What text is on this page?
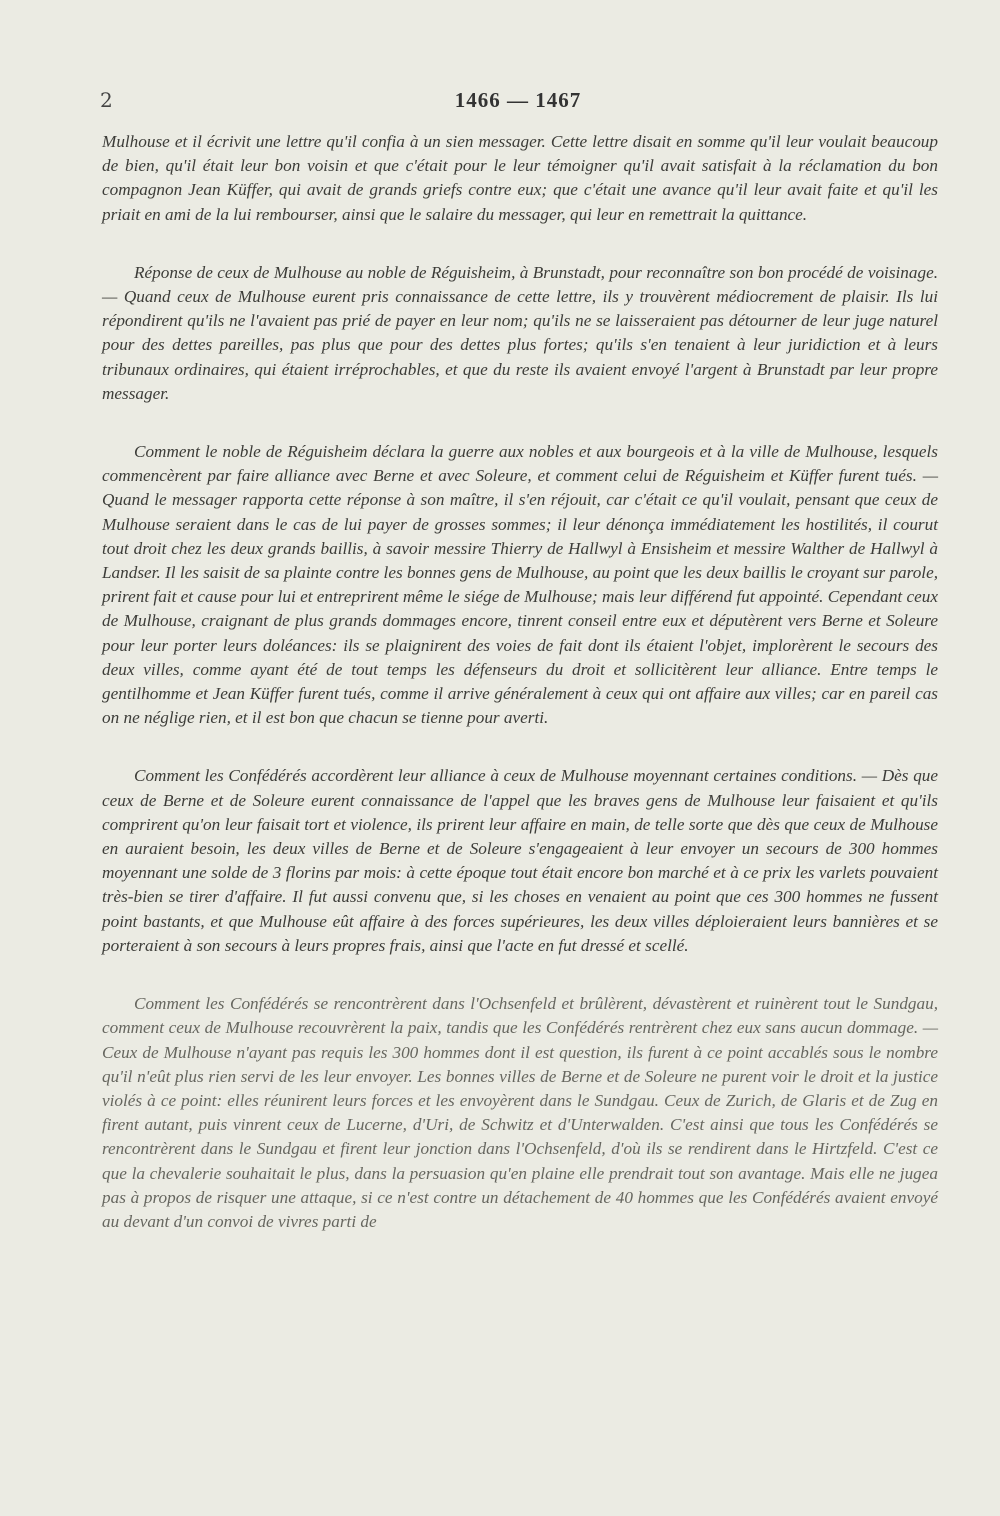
2	1466 — 1467

Mulhouse et il écrivit une lettre qu'il confia à un sien messager. Cette lettre disait en somme qu'il leur voulait beaucoup de bien, qu'il était leur bon voisin et que c'était pour le leur témoigner qu'il avait satisfait à la réclamation du bon compagnon Jean Küffer, qui avait de grands griefs contre eux; que c'était une avance qu'il leur avait faite et qu'il les priait en ami de la lui rembourser, ainsi que le salaire du messager, qui leur en remettrait la quittance.

Réponse de ceux de Mulhouse au noble de Réguisheim, à Brunstadt, pour reconnaître son bon procédé de voisinage. — Quand ceux de Mulhouse eurent pris connaissance de cette lettre, ils y trouvèrent médiocrement de plaisir. Ils lui répondirent qu'ils ne l'avaient pas prié de payer en leur nom; qu'ils ne se laisseraient pas détourner de leur juge naturel pour des dettes pareilles, pas plus que pour des dettes plus fortes; qu'ils s'en tenaient à leur juridiction et à leurs tribunaux ordinaires, qui étaient irréprochables, et que du reste ils avaient envoyé l'argent à Brunstadt par leur propre messager.

Comment le noble de Réguisheim déclara la guerre aux nobles et aux bourgeois et à la ville de Mulhouse, lesquels commencèrent par faire alliance avec Berne et avec Soleure, et comment celui de Réguisheim et Küffer furent tués. — Quand le messager rapporta cette réponse à son maître, il s'en réjouit, car c'était ce qu'il voulait, pensant que ceux de Mulhouse seraient dans le cas de lui payer de grosses sommes; il leur dénonça immédiatement les hostilités, il courut tout droit chez les deux grands baillis, à savoir messire Thierry de Hallwyl à Ensisheim et messire Walther de Hallwyl à Landser. Il les saisit de sa plainte contre les bonnes gens de Mulhouse, au point que les deux baillis le croyant sur parole, prirent fait et cause pour lui et entreprirent même le siége de Mulhouse; mais leur différend fut appointé. Cependant ceux de Mulhouse, craignant de plus grands dommages encore, tinrent conseil entre eux et députèrent vers Berne et Soleure pour leur porter leurs doléances: ils se plaignirent des voies de fait dont ils étaient l'objet, implorèrent le secours des deux villes, comme ayant été de tout temps les défenseurs du droit et sollicitèrent leur alliance. Entre temps le gentilhomme et Jean Küffer furent tués, comme il arrive généralement à ceux qui ont affaire aux villes; car en pareil cas on ne néglige rien, et il est bon que chacun se tienne pour averti.

Comment les Confédérés accordèrent leur alliance à ceux de Mulhouse moyennant certaines conditions. — Dès que ceux de Berne et de Soleure eurent connaissance de l'appel que les braves gens de Mulhouse leur faisaient et qu'ils comprirent qu'on leur faisait tort et violence, ils prirent leur affaire en main, de telle sorte que dès que ceux de Mulhouse en auraient besoin, les deux villes de Berne et de Soleure s'engageaient à leur envoyer un secours de 300 hommes moyennant une solde de 3 florins par mois: à cette époque tout était encore bon marché et à ce prix les varlets pouvaient très-bien se tirer d'affaire. Il fut aussi convenu que, si les choses en venaient au point que ces 300 hommes ne fussent point bastants, et que Mulhouse eût affaire à des forces supérieures, les deux villes déploieraient leurs bannières et se porteraient à son secours à leurs propres frais, ainsi que l'acte en fut dressé et scellé.

Comment les Confédérés se rencontrèrent dans l'Ochsenfeld et brûlèrent, dévastèrent et ruinèrent tout le Sundgau, comment ceux de Mulhouse recouvrèrent la paix, tandis que les Confédérés rentrèrent chez eux sans aucun dommage. — Ceux de Mulhouse n'ayant pas requis les 300 hommes dont il est question, ils furent à ce point accablés sous le nombre qu'il n'eût plus rien servi de les leur envoyer. Les bonnes villes de Berne et de Soleure ne purent voir le droit et la justice violés à ce point: elles réunirent leurs forces et les envoyèrent dans le Sundgau. Ceux de Zurich, de Glaris et de Zug en firent autant, puis vinrent ceux de Lucerne, d'Uri, de Schwitz et d'Unterwalden. C'est ainsi que tous les Confédérés se rencontrèrent dans le Sundgau et firent leur jonction dans l'Ochsenfeld, d'où ils se rendirent dans le Hirtzfeld. C'est ce que la chevalerie souhaitait le plus, dans la persuasion qu'en plaine elle prendrait tout son avantage. Mais elle ne jugea pas à propos de risquer une attaque, si ce n'est contre un détachement de 40 hommes que les Confédérés avaient envoyé au devant d'un convoi de vivres parti de
